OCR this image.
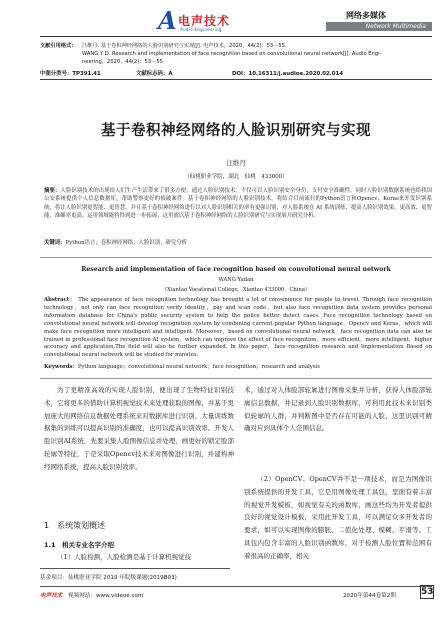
A 电声技术
Audio Engineering
网络多媒体
Network Multimedia
文献引用格式： 汪维丹. 基于卷积神经网络的人脸识别研究与实现[J]. 电声技术，2020，44(2)：53－55.
WANG Y D. Research and implementation of face recognition based on convolutional neural network[J]. Audio Engi-
neering，2020，44(2)：53－55.
中图分类号：TP391.41	文献标志码：A	DOI：10.16311/j.audioe.2020.02.014
基于卷积神经网络的人脸识别研究与实现
汪维丹
（仙桃职业学院，湖北　仙桃　433000）
摘要：人脸识别技术的出现给人们生产生活带来了很多方便，通过人脸识别技术，不仅可以人脸识别安全身份，支付安全准确性，同时人脸识别数据系统也给我国公安系统提供个人信息数据库，帮助警察更好的侦破案件。基于卷积神经网络的人脸识别技术，将结合目前流行的Python语言和Opencv、Keras来开发识别系统，将让人脸识别更智能、更智慧，并且基于卷积神经网络进行以对人脸识别相关的率有更强识别，对人脸系统在 AI 系统训练，提高人脸识别效果，更高效、更智能、准确率更高。运用领域能将得到进一步拓展，这里就以基于卷积神经网络的人脸识别研究与实现展开研究分析。
关键词：Python语言；卷积神经网络；人脸识别；研究分析
Research and implementation of face recognition based on convolutional neural network
WANG Yadan
（Xiantao Vocational College，Xiantao 433000，China）
Abstract： The appearance of face recognition technology has brought a lot of convenience for people to travel. Through face recognition technology，not only can face recognition verify identity，pay and scan code，but also face recognition data system provides personal information database for China's public security system to help the police better detect cases. Face recognition technology based on convolutional neural network will develop recognition system by combining current popular Python language，Opencv and Keras，which will make face recognition more intelligent and intelligent. Moreover，based on convolutional neural network，face recognition data can also be trained in professional face recognition AI system，which can improve the effect of face recognition，more efficient，more intelligent，higher accuracy and application.The field will also be further expanded. In this paper，face recognition research and Implementation Based on convolutional neural network will be studied for minutes.
Keywords：Python language；convolutional neural network；face recognition；research and analysis
为了更精准高效的实现人脸识别，便出现了生物特征识别技术，它将更多的借助计算机视觉技术来处理获取的图像，并基于更加庞大的网络信息数据处理系统来对数据库进行识别，大量训练数据集的训练可以提高识别的准确度，也可以提高识别效率。开发人脸识别AI系统，先要采集人脸图像信息并处理，画更好的锁定脸部轮廓等特征，于是采取Opencv技术来对图像进行识别，并建构神经网络系统，提高人脸识别效率。
1　系统策划概述
1.1　相关专业名字介绍
（1）人脸检测，人脸检测是基于计算机视觉技
术，通过对人体脸部轮廓进行图像采集并分析，获得人体脸部轮廓信息数据，并记录到人脸识别数据库，可利用此技术来识别类似轮廓的人群，并判断图中是否存在可能的人脸，这里识别可精确对应到具体个人范围信息。
（2）OpenCV。OpenCV并不是一项技术，而是为图像识别系统提供的开发工具，它是用图像处理工具包，里面有着丰富的视觉开发模板，如视觉有关的函数库，画这些均为开发者提供良好的视觉设计模板，采用此开发工具，可以满足众多开发者的要求，如可以实现图像的膨胀、二值化处理、模糊、平滑等。工具包内包含丰富的人脸识别函数库，对于检测人脸位置和范围有着很高的正确率，相关
基金项目：仙桃职业学院 2019 年院级课题(2019B03)
电声技术　 视频网站：www.videoe.com	2020年第44卷第2期	53
